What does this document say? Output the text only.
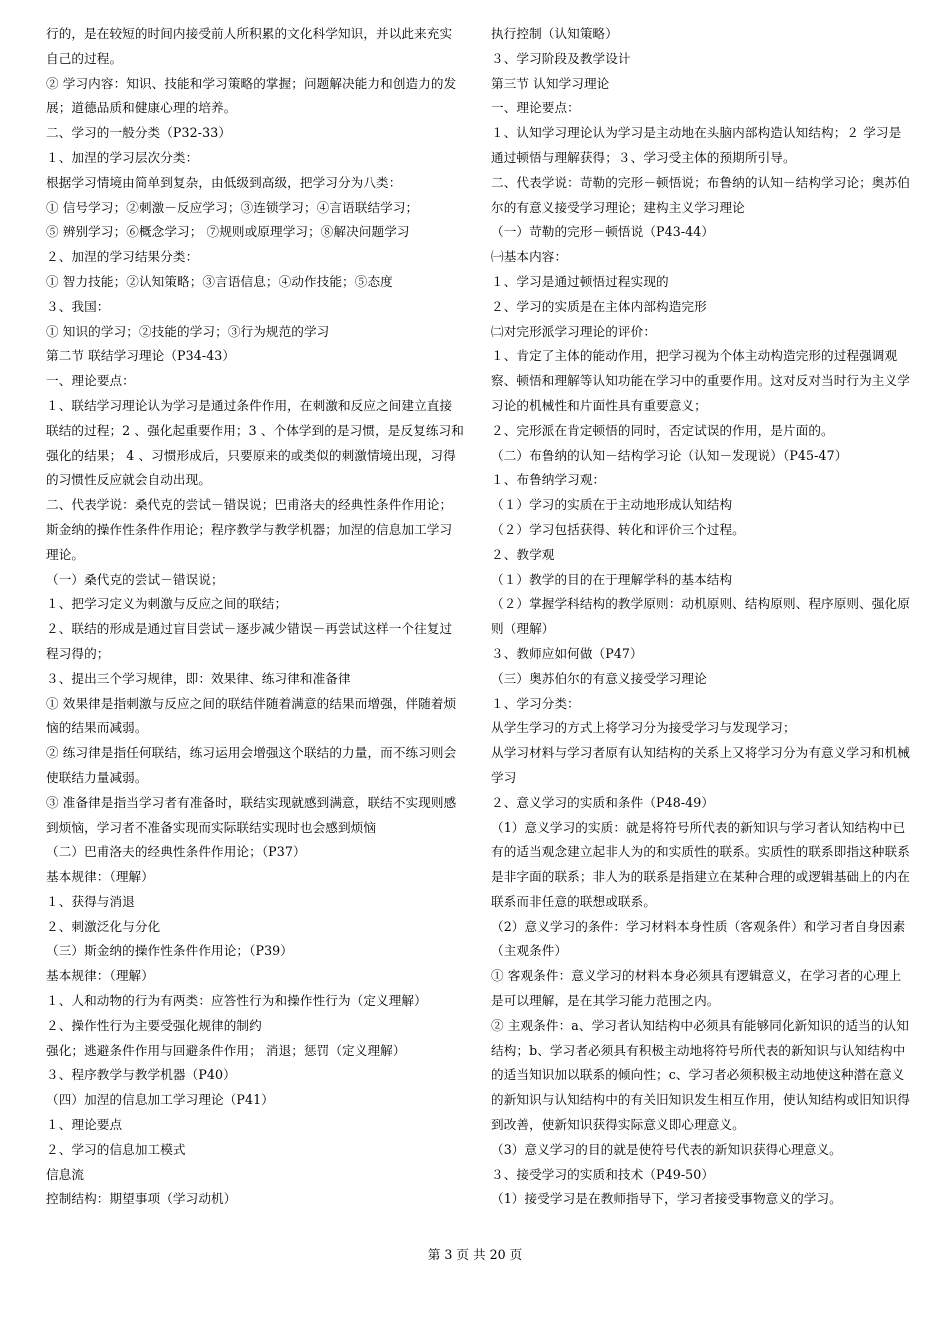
行的，是在较短的时间内接受前人所积累的文化科学知识，并以此来充实自己的过程。

② 学习内容：知识、技能和学习策略的掌握；问题解决能力和创造力的发展；道德品质和健康心理的培养。

二、学习的一般分类（P32-33）

１、加涅的学习层次分类：

根据学习情境由简单到复杂，由低级到高级，把学习分为八类：

① 信号学习；②刺激－反应学习；③连锁学习；④言语联结学习；

⑤ 辨别学习；⑥概念学习； ⑦规则或原理学习；⑧解决问题学习

２、加涅的学习结果分类：

① 智力技能；②认知策略；③言语信息；④动作技能；⑤态度

３、我国：

① 知识的学习；②技能的学习；③行为规范的学习

第二节 联结学习理论（P34-43）

一、理论要点：

１、联结学习理论认为学习是通过条件作用，在刺激和反应之间建立直接联结的过程；2 、强化起重要作用；3 、个体学到的是习惯，是反复练习和强化的结果； 4 、习惯形成后，只要原来的或类似的刺激情境出现，习得的习惯性反应就会自动出现。

二、代表学说：桑代克的尝试－错误说；巴甫洛夫的经典性条件作用论；

斯金纳的操作性条件作用论；程序教学与教学机器；加涅的信息加工学习理论。

（一）桑代克的尝试－错误说；

１、把学习定义为刺激与反应之间的联结；

２、联结的形成是通过盲目尝试－逐步减少错误－再尝试这样一个往复过程习得的；

３、提出三个学习规律，即：效果律、练习律和准备律

① 效果律是指刺激与反应之间的联结伴随着满意的结果而增强，伴随着烦恼的结果而减弱。

② 练习律是指任何联结，练习运用会增强这个联结的力量，而不练习则会使联结力量减弱。

③ 准备律是指当学习者有准备时，联结实现就感到满意，联结不实现则感到烦恼，学习者不准备实现而实际联结实现时也会感到烦恼

（二）巴甫洛夫的经典性条件作用论；（P37）

基本规律：（理解）

１、获得与消退

２、刺激泛化与分化

（三）斯金纳的操作性条件作用论；（P39）

基本规律：（理解）

１、人和动物的行为有两类：应答性行为和操作性行为（定义理解）

２、操作性行为主要受强化规律的制约

强化；逃避条件作用与回避条件作用； 消退；惩罚（定义理解）

３、程序教学与教学机器（P40）

（四）加涅的信息加工学习理论（P41）

１、理论要点

２、学习的信息加工模式

信息流

控制结构：期望事项（学习动机）

执行控制（认知策略）

３、学习阶段及教学设计

第三节 认知学习理论

一、理论要点：

１、认知学习理论认为学习是主动地在头脑内部构造认知结构；２ 学习是通过顿悟与理解获得；３、学习受主体的预期所引导。

二、代表学说：苛勒的完形－顿悟说；布鲁纳的认知－结构学习论；奥苏伯尔的有意义接受学习理论；建构主义学习理论

（一）苛勒的完形－顿悟说（P43-44）

㈠基本内容：

１、学习是通过顿悟过程实现的

２、学习的实质是在主体内部构造完形

㈡对完形派学习理论的评价：

１、肯定了主体的能动作用，把学习视为个体主动构造完形的过程强调观察、顿悟和理解等认知功能在学习中的重要作用。这对反对当时行为主义学习论的机械性和片面性具有重要意义；

２、完形派在肯定顿悟的同时，否定试误的作用，是片面的。

（二）布鲁纳的认知－结构学习论（认知－发现说）（P45-47）

１、布鲁纳学习观：

（１）学习的实质在于主动地形成认知结构

（２）学习包括获得、转化和评价三个过程。

２、教学观

（１）教学的目的在于理解学科的基本结构

（２）掌握学科结构的教学原则：动机原则、结构原则、程序原则、强化原则（理解）

３、教师应如何做（P47）

（三）奥苏伯尔的有意义接受学习理论

１、学习分类：

从学生学习的方式上将学习分为接受学习与发现学习；

从学习材料与学习者原有认知结构的关系上又将学习分为有意义学习和机械学习

２、意义学习的实质和条件（P48-49）

（1）意义学习的实质：就是将符号所代表的新知识与学习者认知结构中已有的适当观念建立起非人为的和实质性的联系。实质性的联系即指这种联系是非字面的联系；非人为的联系是指建立在某种合理的或逻辑基础上的内在联系而非任意的联想或联系。

（2）意义学习的条件：学习材料本身性质（客观条件）和学习者自身因素（主观条件）

① 客观条件：意义学习的材料本身必须具有逻辑意义，在学习者的心理上是可以理解，是在其学习能力范围之内。

② 主观条件：a、学习者认知结构中必须具有能够同化新知识的适当的认知结构；b、学习者必须具有积极主动地将符号所代表的新知识与认知结构中的适当知识加以联系的倾向性；c、学习者必须积极主动地使这种潜在意义的新知识与认知结构中的有关旧知识发生相互作用，使认知结构或旧知识得到改善，使新知识获得实际意义即心理意义。

（3）意义学习的目的就是使符号代表的新知识获得心理意义。

３、接受学习的实质和技术（P49-50）

（1）接受学习是在教师指导下，学习者接受事物意义的学习。

第 3 页 共 20 页
